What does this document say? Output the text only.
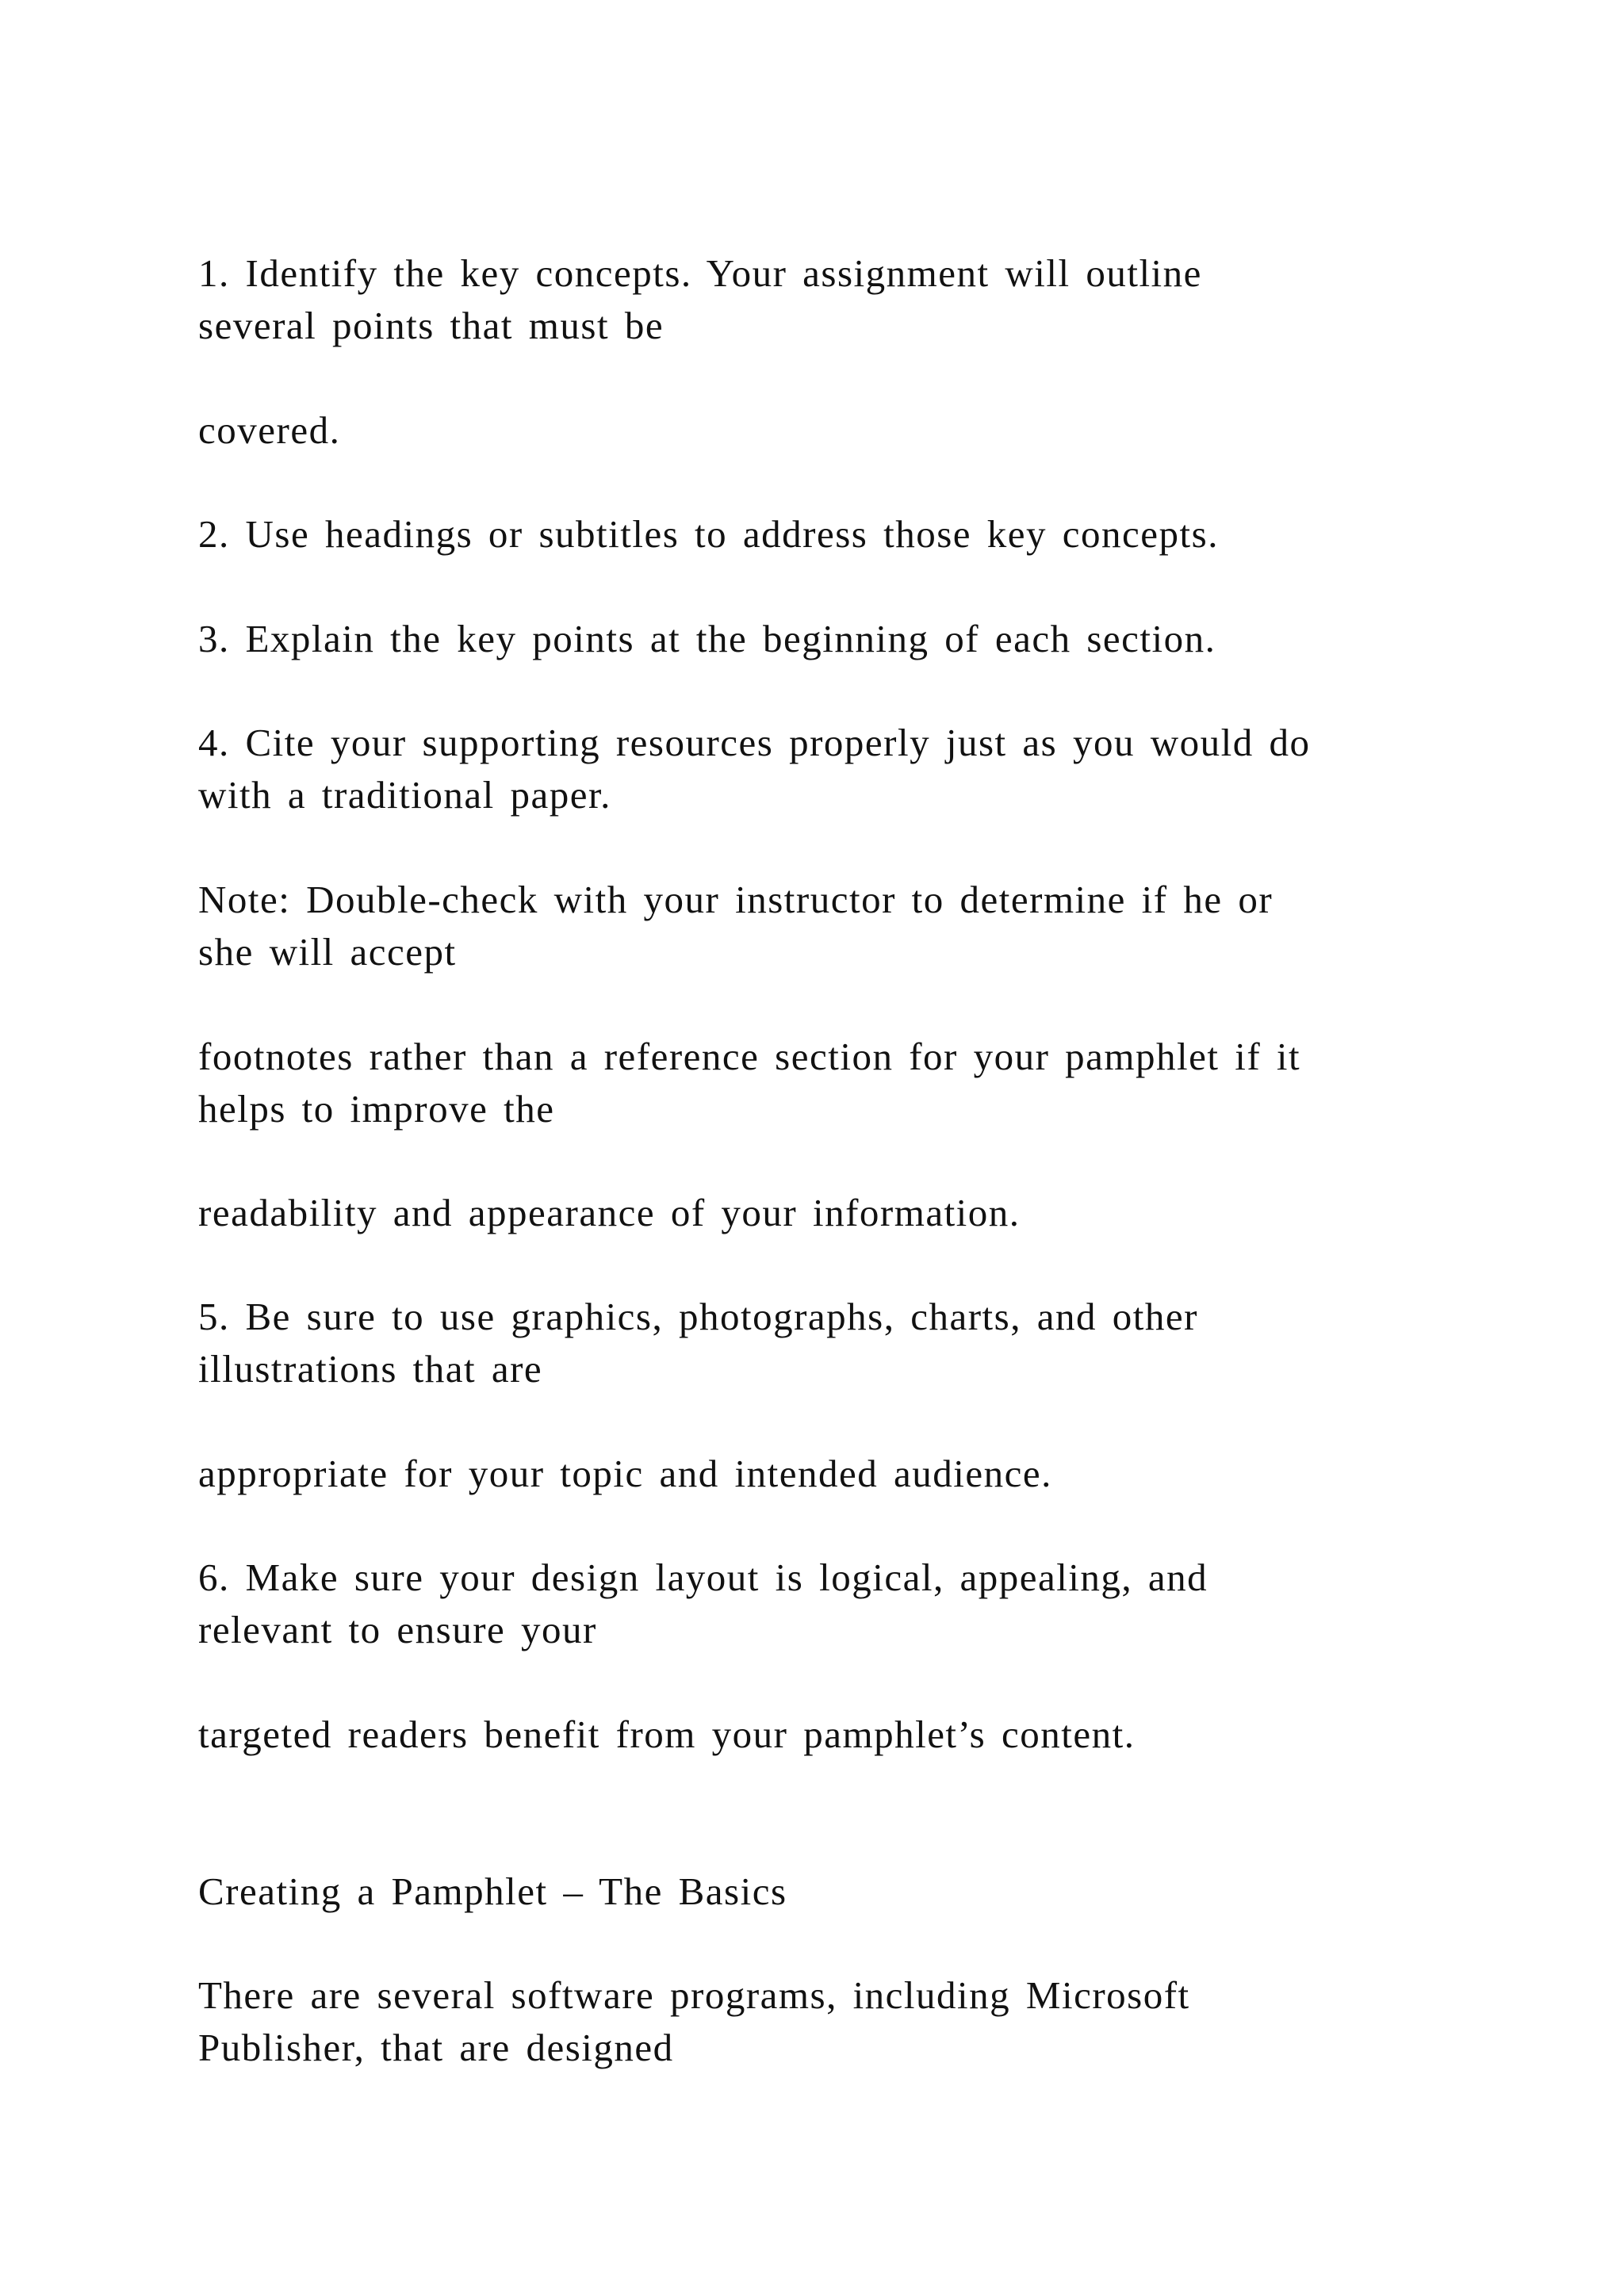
1. Identify the key concepts. Your assignment will outline
several points that must be

covered.

2. Use headings or subtitles to address those key concepts.

3. Explain the key points at the beginning of each section.

4. Cite your supporting resources properly just as you would do
with a traditional paper.

Note: Double-check with your instructor to determine if he or
she will accept

footnotes rather than a reference section for your pamphlet if it
helps to improve the

readability and appearance of your information.

5. Be sure to use graphics, photographs, charts, and other
illustrations that are

appropriate for your topic and intended audience.

6. Make sure your design layout is logical, appealing, and
relevant to ensure your

targeted readers benefit from your pamphlet’s content.

Creating a Pamphlet – The Basics

There are several software programs, including Microsoft
Publisher, that are designed
